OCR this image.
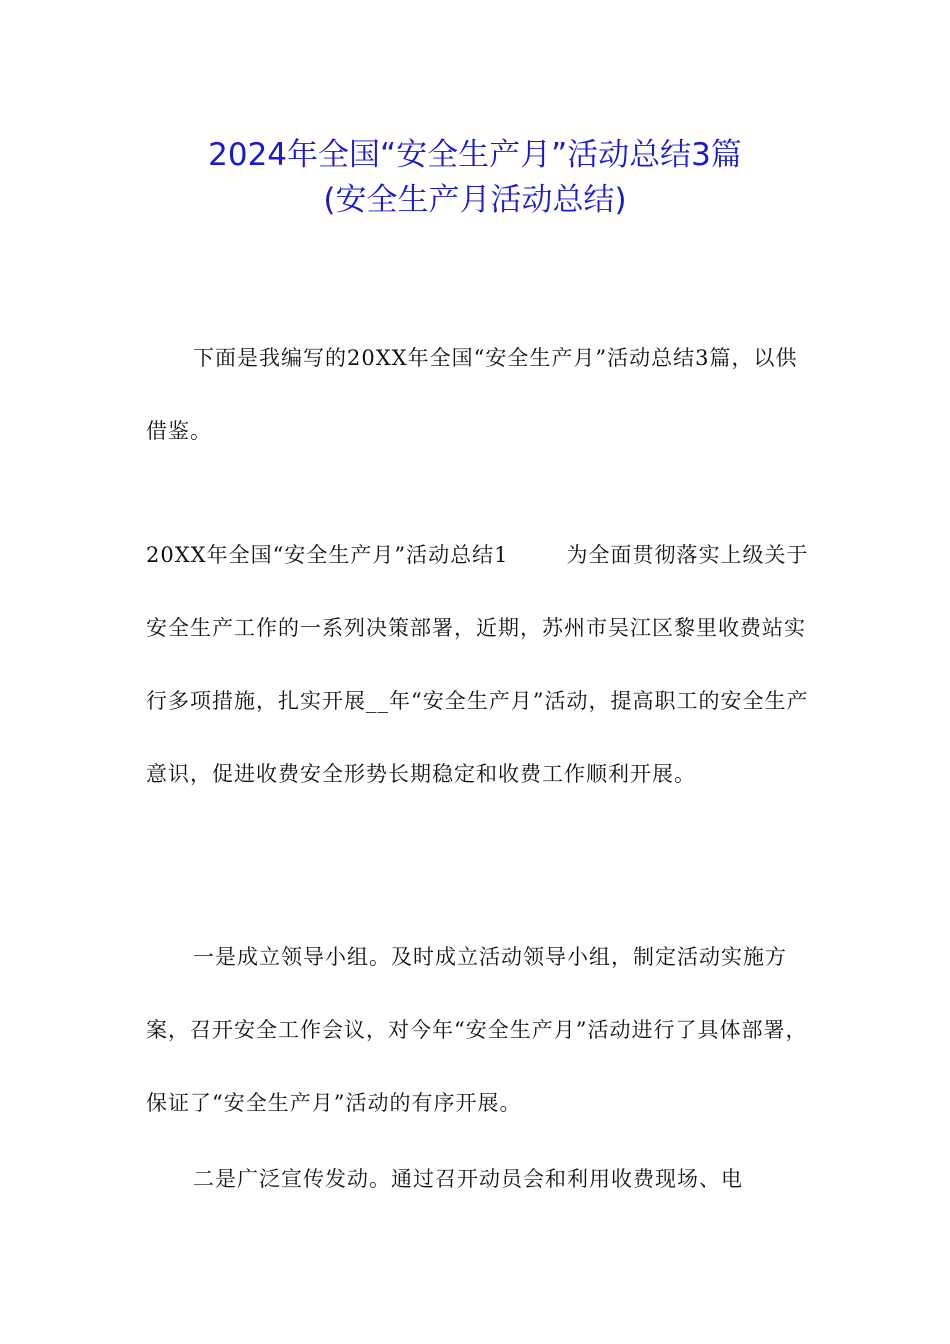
2024年全国“安全生产月”活动总结3篇
(安全生产月活动总结)

下面是我编写的20XX年全国“安全生产月”活动总结3篇，以供借鉴。

20XX年全国“安全生产月”活动总结1	为全面贯彻落实上级关于安全生产工作的一系列决策部署，近期，苏州市吴江区黎里收费站实行多项措施，扎实开展__年“安全生产月”活动，提高职工的安全生产意识，促进收费安全形势长期稳定和收费工作顺利开展。

一是成立领导小组。及时成立活动领导小组，制定活动实施方案，召开安全工作会议，对今年“安全生产月”活动进行了具体部署，保证了“安全生产月”活动的有序开展。

二是广泛宣传发动。通过召开动员会和利用收费现场、电
